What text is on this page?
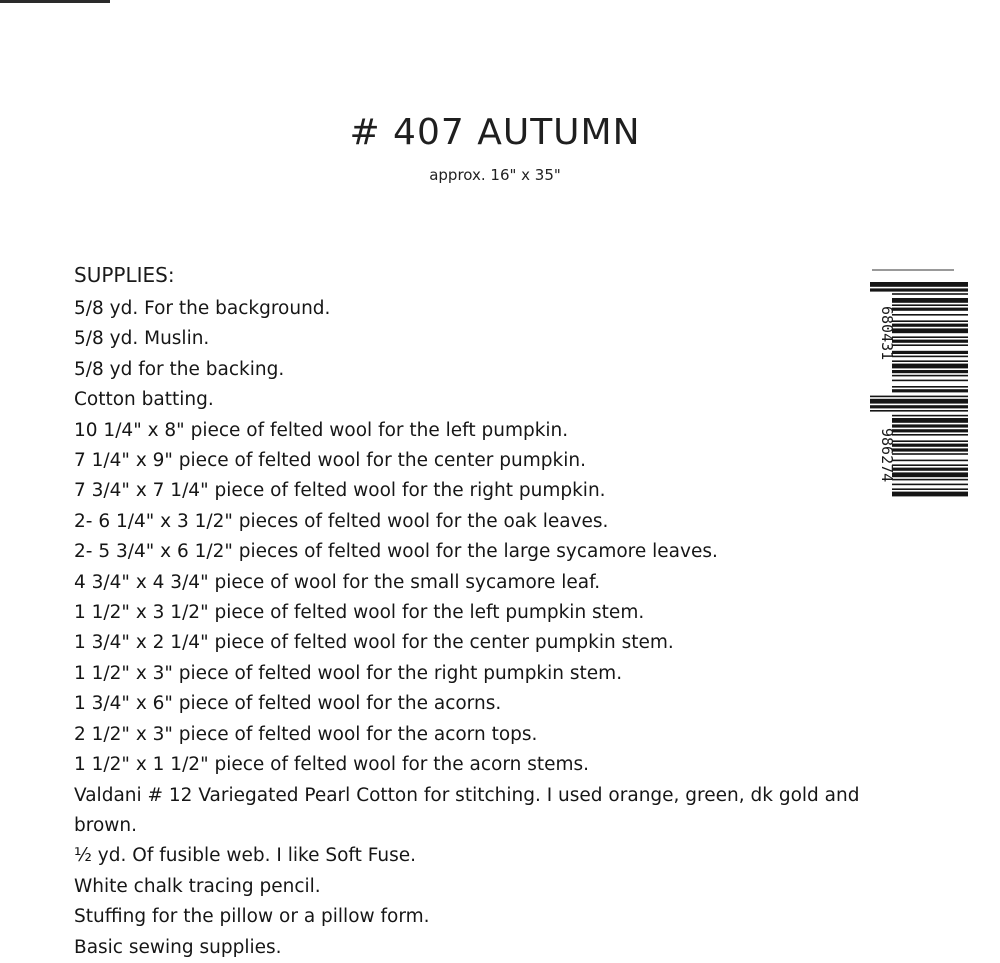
# 407 AUTUMN
approx. 16" x 35"
SUPPLIES:
5/8 yd. For the background.
5/8 yd. Muslin.
5/8 yd for the backing.
Cotton batting.
10 1/4" x 8" piece of felted wool for the left pumpkin.
7 1/4" x 9" piece of felted wool for the center pumpkin.
7 3/4" x 7 1/4" piece of felted wool for the right pumpkin.
2- 6 1/4" x 3 1/2" pieces of felted wool for the oak leaves.
2- 5 3/4" x 6 1/2" pieces of felted wool for the large sycamore leaves.
4 3/4" x 4 3/4" piece of wool for the small sycamore leaf.
1 1/2" x 3 1/2" piece of felted wool for the left pumpkin stem.
1 3/4" x 2 1/4" piece of felted wool for the center pumpkin stem.
1 1/2" x 3" piece of felted wool for the right pumpkin stem.
1 3/4" x 6" piece of felted wool for the acorns.
2 1/2" x 3" piece of felted wool for the acorn tops.
1 1/2" x 1 1/2" piece of felted wool for the acorn stems.
Valdani # 12 Variegated Pearl Cotton for stitching. I used orange, green, dk gold and brown.
½ yd. Of fusible web. I like Soft Fuse.
White chalk tracing pencil.
Stuffing for the pillow or a pillow form.
Basic sewing supplies.
680431
986274
